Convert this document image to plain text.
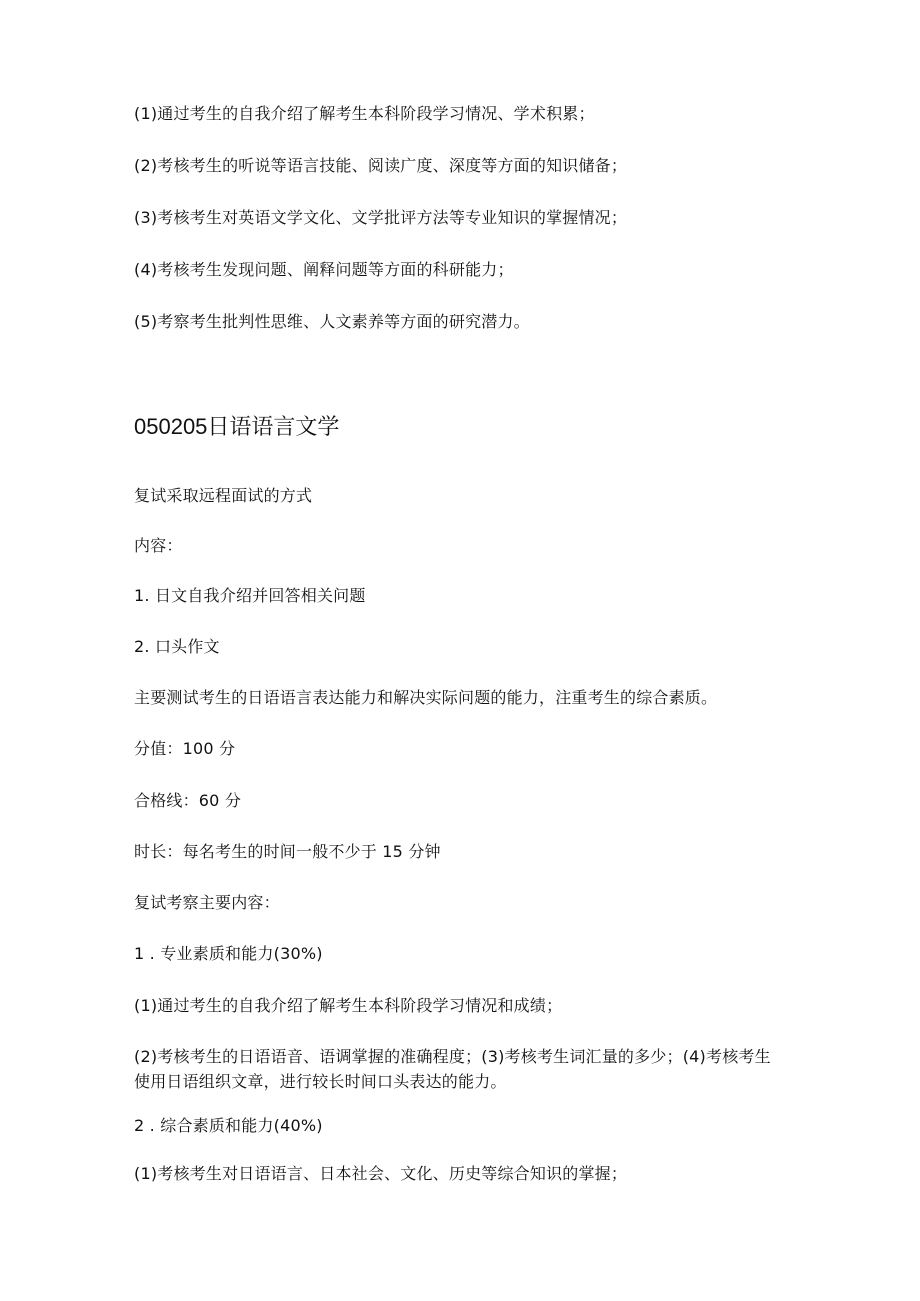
(1)通过考生的自我介绍了解考生本科阶段学习情况、学术积累；
(2)考核考生的听说等语言技能、阅读广度、深度等方面的知识储备；
(3)考核考生对英语文学文化、文学批评方法等专业知识的掌握情况；
(4)考核考生发现问题、阐释问题等方面的科研能力；
(5)考察考生批判性思维、人文素养等方面的研究潜力。
050205日语语言文学
复试采取远程面试的方式
内容：
1. 日文自我介绍并回答相关问题
2. 口头作文
主要测试考生的日语语言表达能力和解决实际问题的能力，注重考生的综合素质。
分值：100 分
合格线：60 分
时长：每名考生的时间一般不少于 15 分钟
复试考察主要内容：
1 . 专业素质和能力(30%)
(1)通过考生的自我介绍了解考生本科阶段学习情况和成绩；
(2)考核考生的日语语音、语调掌握的准确程度；(3)考核考生词汇量的多少；(4)考核考生使用日语组织文章，进行较长时间口头表达的能力。
2 . 综合素质和能力(40%)
(1)考核考生对日语语言、日本社会、文化、历史等综合知识的掌握；
